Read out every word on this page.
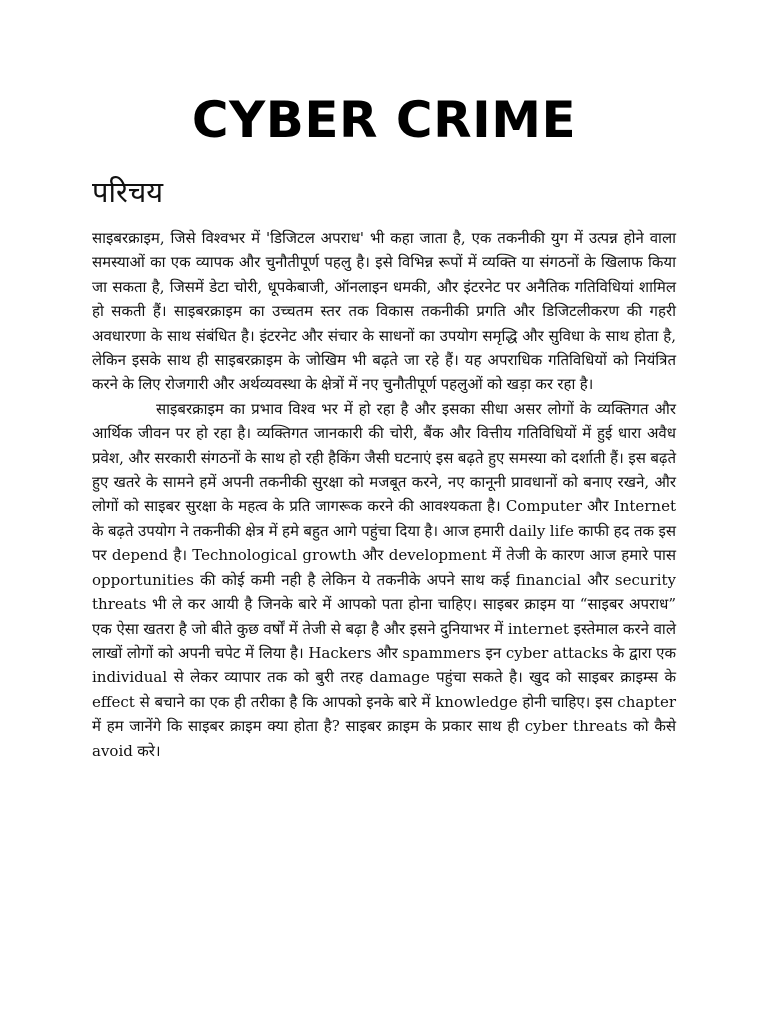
CYBER CRIME
परिचय

साइबरक्राइम, जिसे विश्वभर में 'डिजिटल अपराध' भी कहा जाता है, एक तकनीकी युग में उत्पन्न होने वाला समस्याओं का एक व्यापक और चुनौतीपूर्ण पहलु है। इसे विभिन्न रूपों में व्यक्ति या संगठनों के खिलाफ किया जा सकता है, जिसमें डेटा चोरी, धूपकेबाजी, ऑनलाइन धमकी, और इंटरनेट पर अनैतिक गतिविधियां शामिल हो सकती हैं। साइबरक्राइम का उच्चतम स्तर तक विकास तकनीकी प्रगति और डिजिटलीकरण की गहरी अवधारणा के साथ संबंधित है। इंटरनेट और संचार के साधनों का उपयोग समृद्धि और सुविधा के साथ होता है, लेकिन इसके साथ ही साइबरक्राइम के जोखिम भी बढ़ते जा रहे हैं। यह अपराधिक गतिविधियों को नियंत्रित करने के लिए रोजगारी और अर्थव्यवस्था के क्षेत्रों में नए चुनौतीपूर्ण पहलुओं को खड़ा कर रहा है।

साइबरक्राइम का प्रभाव विश्व भर में हो रहा है और इसका सीधा असर लोगों के व्यक्तिगत और आर्थिक जीवन पर हो रहा है। व्यक्तिगत जानकारी की चोरी, बैंक और वित्तीय गतिविधियों में हुई धारा अवैध प्रवेश, और सरकारी संगठनों के साथ हो रही हैकिंग जैसी घटनाएं इस बढ़ते हुए समस्या को दर्शाती हैं। इस बढ़ते हुए खतरे के सामने हमें अपनी तकनीकी सुरक्षा को मजबूत करने, नए कानूनी प्रावधानों को बनाए रखने, और लोगों को साइबर सुरक्षा के महत्व के प्रति जागरूक करने की आवश्यकता है। Computer और Internet के बढ़ते उपयोग ने तकनीकी क्षेत्र में हमे बहुत आगे पहुंचा दिया है। आज हमारी daily life काफी हद तक इस पर depend है। Technological growth और development में तेजी के कारण आज हमारे पास opportunities की कोई कमी नही है लेकिन ये तकनीके अपने साथ कई financial और security threats भी ले कर आयी है जिनके बारे में आपको पता होना चाहिए। साइबर क्राइम या “साइबर अपराध” एक ऐसा खतरा है जो बीते कुछ वर्षों में तेजी से बढ़ा है और इसने दुनियाभर में internet इस्तेमाल करने वाले लाखों लोगों को अपनी चपेट में लिया है। Hackers और spammers इन cyber attacks के द्वारा एक individual से लेकर व्यापार तक को बुरी तरह damage पहुंचा सकते है। खुद को साइबर क्राइम्स के effect से बचाने का एक ही तरीका है कि आपको इनके बारे में knowledge होनी चाहिए। इस chapter में हम जानेंगे कि साइबर क्राइम क्या होता है? साइबर क्राइम के प्रकार साथ ही cyber threats को कैसे avoid करे।
